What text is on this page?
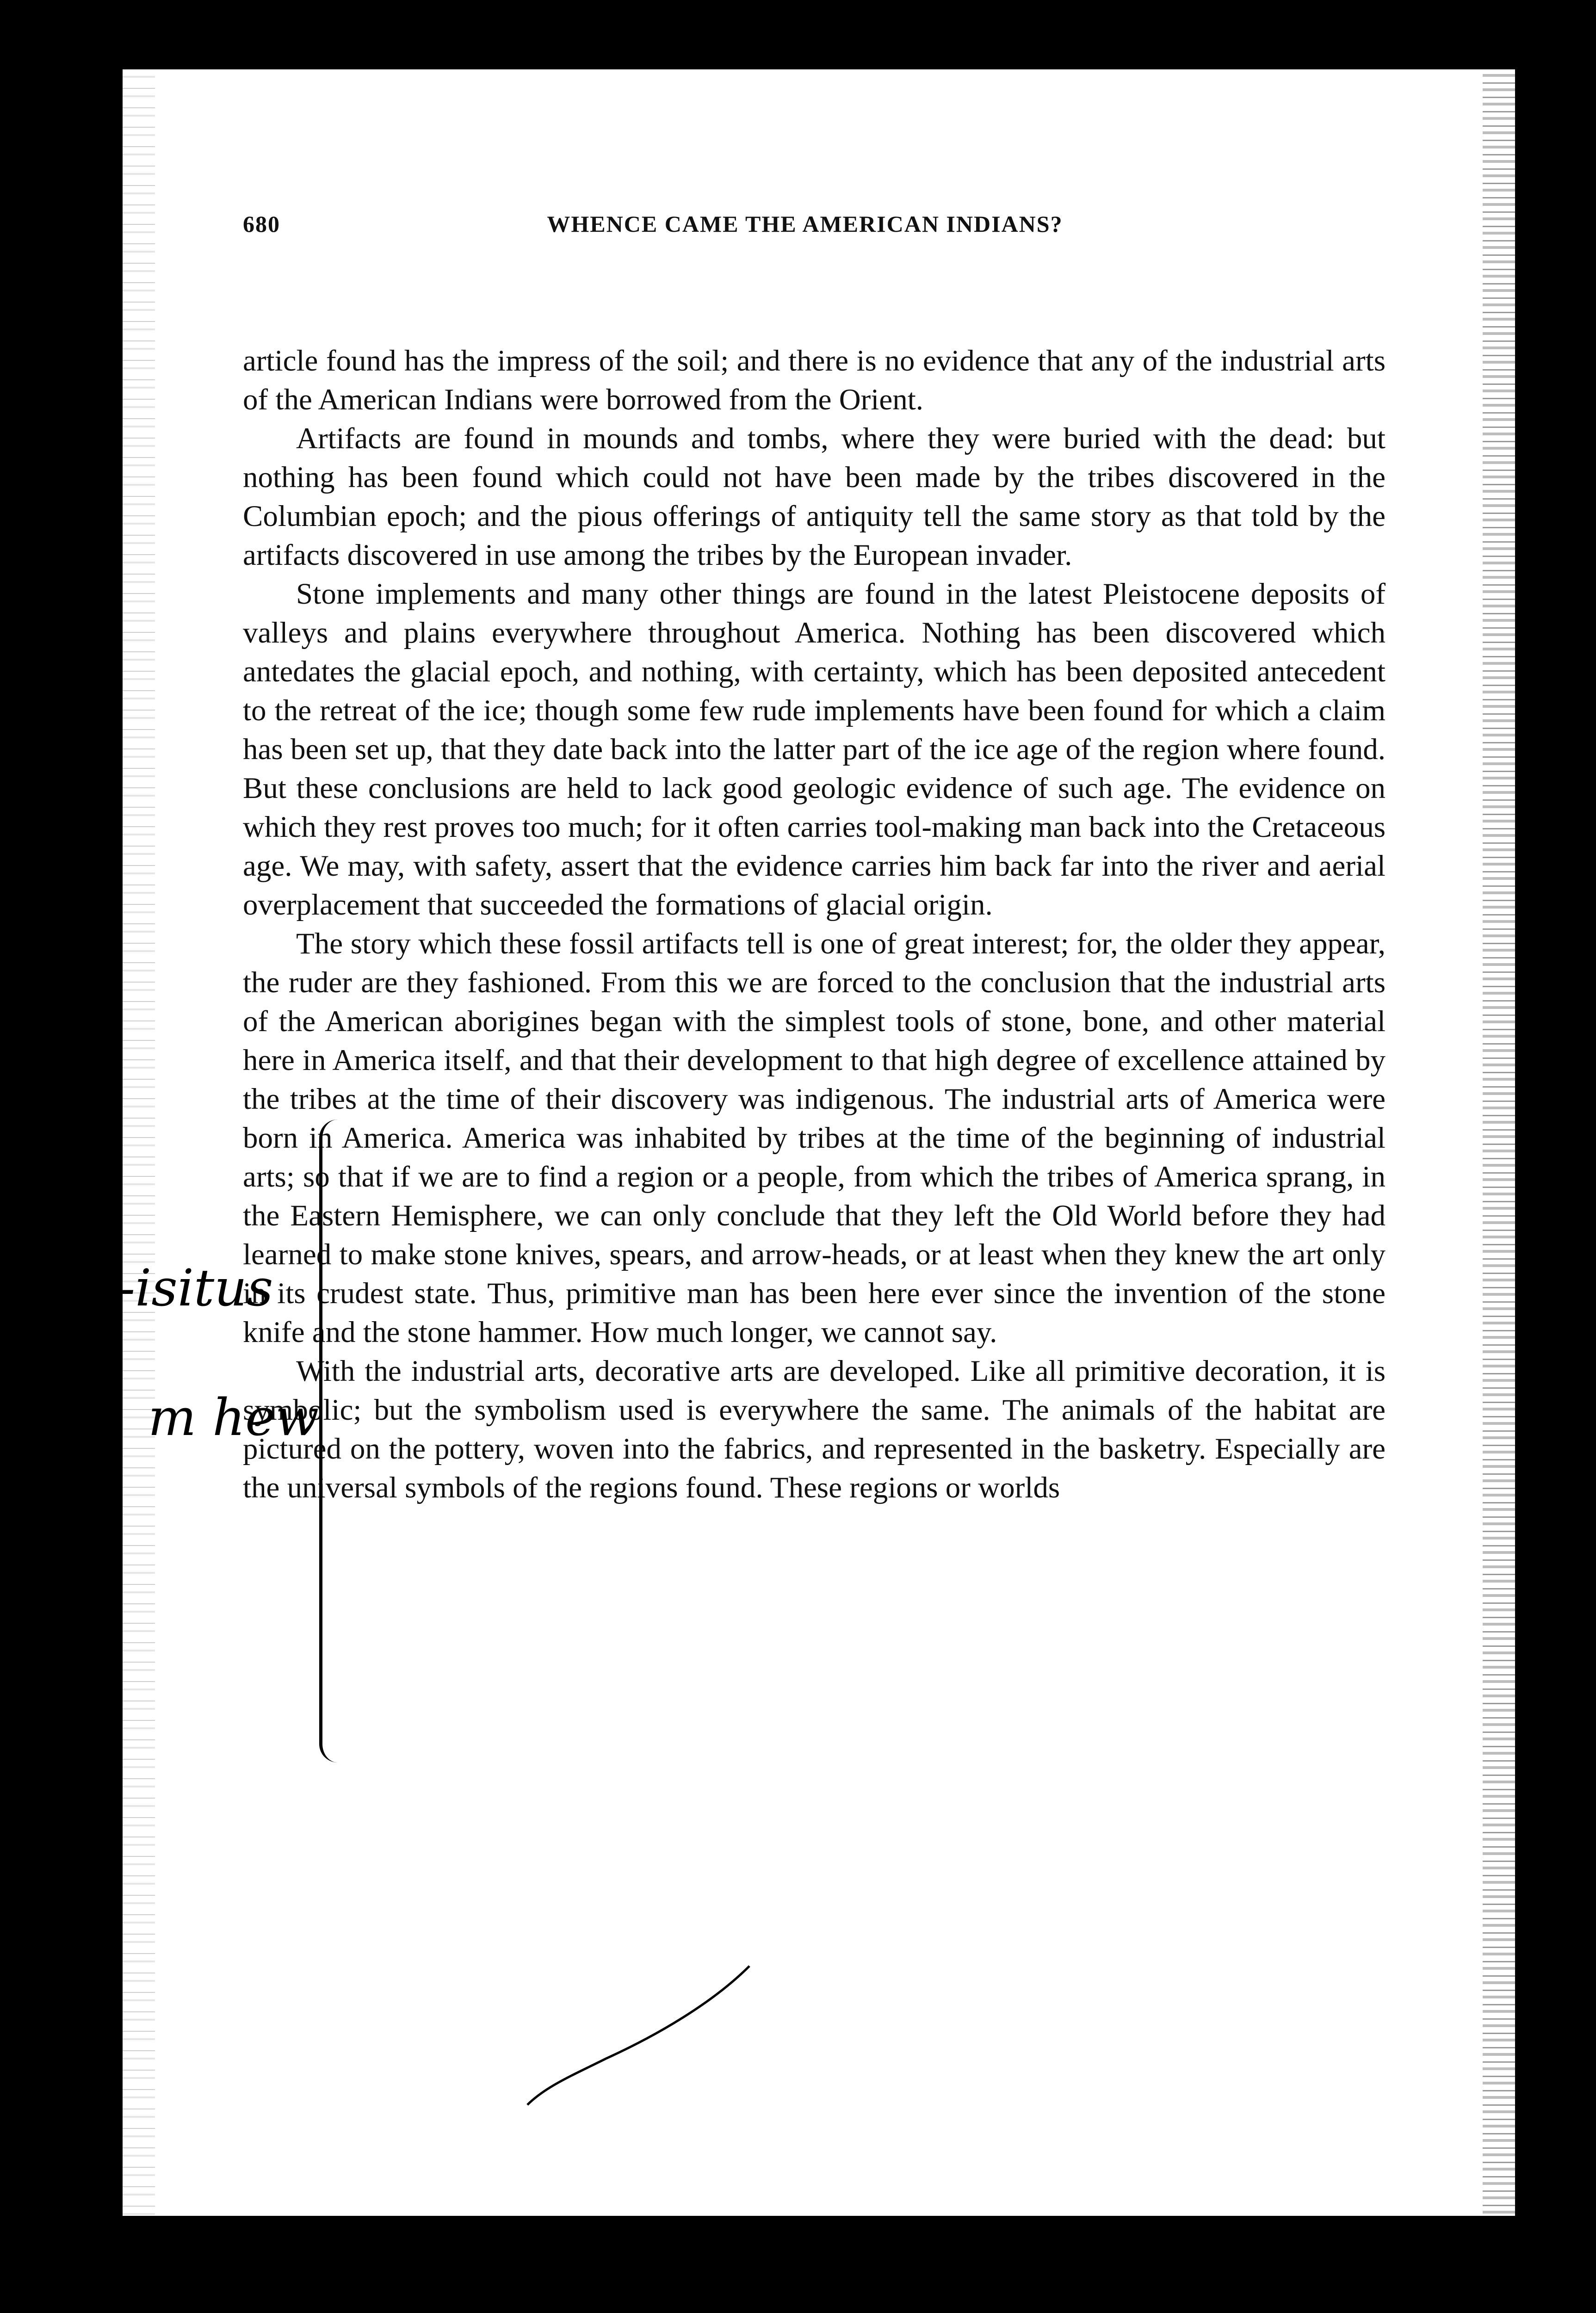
680	WHENCE CAME THE AMERICAN INDIANS?

article found has the impress of the soil; and there is no evidence that any of the industrial arts of the American Indians were borrowed from the Orient.

Artifacts are found in mounds and tombs, where they were buried with the dead: but nothing has been found which could not have been made by the tribes discovered in the Columbian epoch; and the pious offerings of antiquity tell the same story as that told by the artifacts discovered in use among the tribes by the European invader.

Stone implements and many other things are found in the latest Pleistocene deposits of valleys and plains everywhere throughout America. Nothing has been discovered which antedates the glacial epoch, and nothing, with certainty, which has been deposited antecedent to the retreat of the ice; though some few rude implements have been found for which a claim has been set up, that they date back into the latter part of the ice age of the region where found. But these conclusions are held to lack good geologic evidence of such age. The evidence on which they rest proves too much; for it often carries tool-making man back into the Cretaceous age. We may, with safety, assert that the evidence carries him back far into the river and aerial overplacement that succeeded the formations of glacial origin.

The story which these fossil artifacts tell is one of great interest; for, the older they appear, the ruder are they fashioned. From this we are forced to the conclusion that the industrial arts of the American aborigines began with the simplest tools of stone, bone, and other material here in America itself, and that their development to that high degree of excellence attained by the tribes at the time of their discovery was indigenous. The industrial arts of America were born in America. America was inhabited by tribes at the time of the beginning of industrial arts; so that if we are to find a region or a people, from which the tribes of America sprang, in the Eastern Hemisphere, we can only conclude that they left the Old World before they had learned to make stone knives, spears, and arrow-heads, or at least when they knew the art only in its crudest state. Thus, primitive man has been here ever since the invention of the stone knife and the stone hammer. How much longer, we cannot say.

With the industrial arts, decorative arts are developed. Like all primitive decoration, it is symbolic; but the symbolism used is everywhere the same. The animals of the habitat are pictured on the pottery, woven into the fabrics, and represented in the basketry. Especially are the universal symbols of the regions found. These regions or worlds

-isitus
m hew
